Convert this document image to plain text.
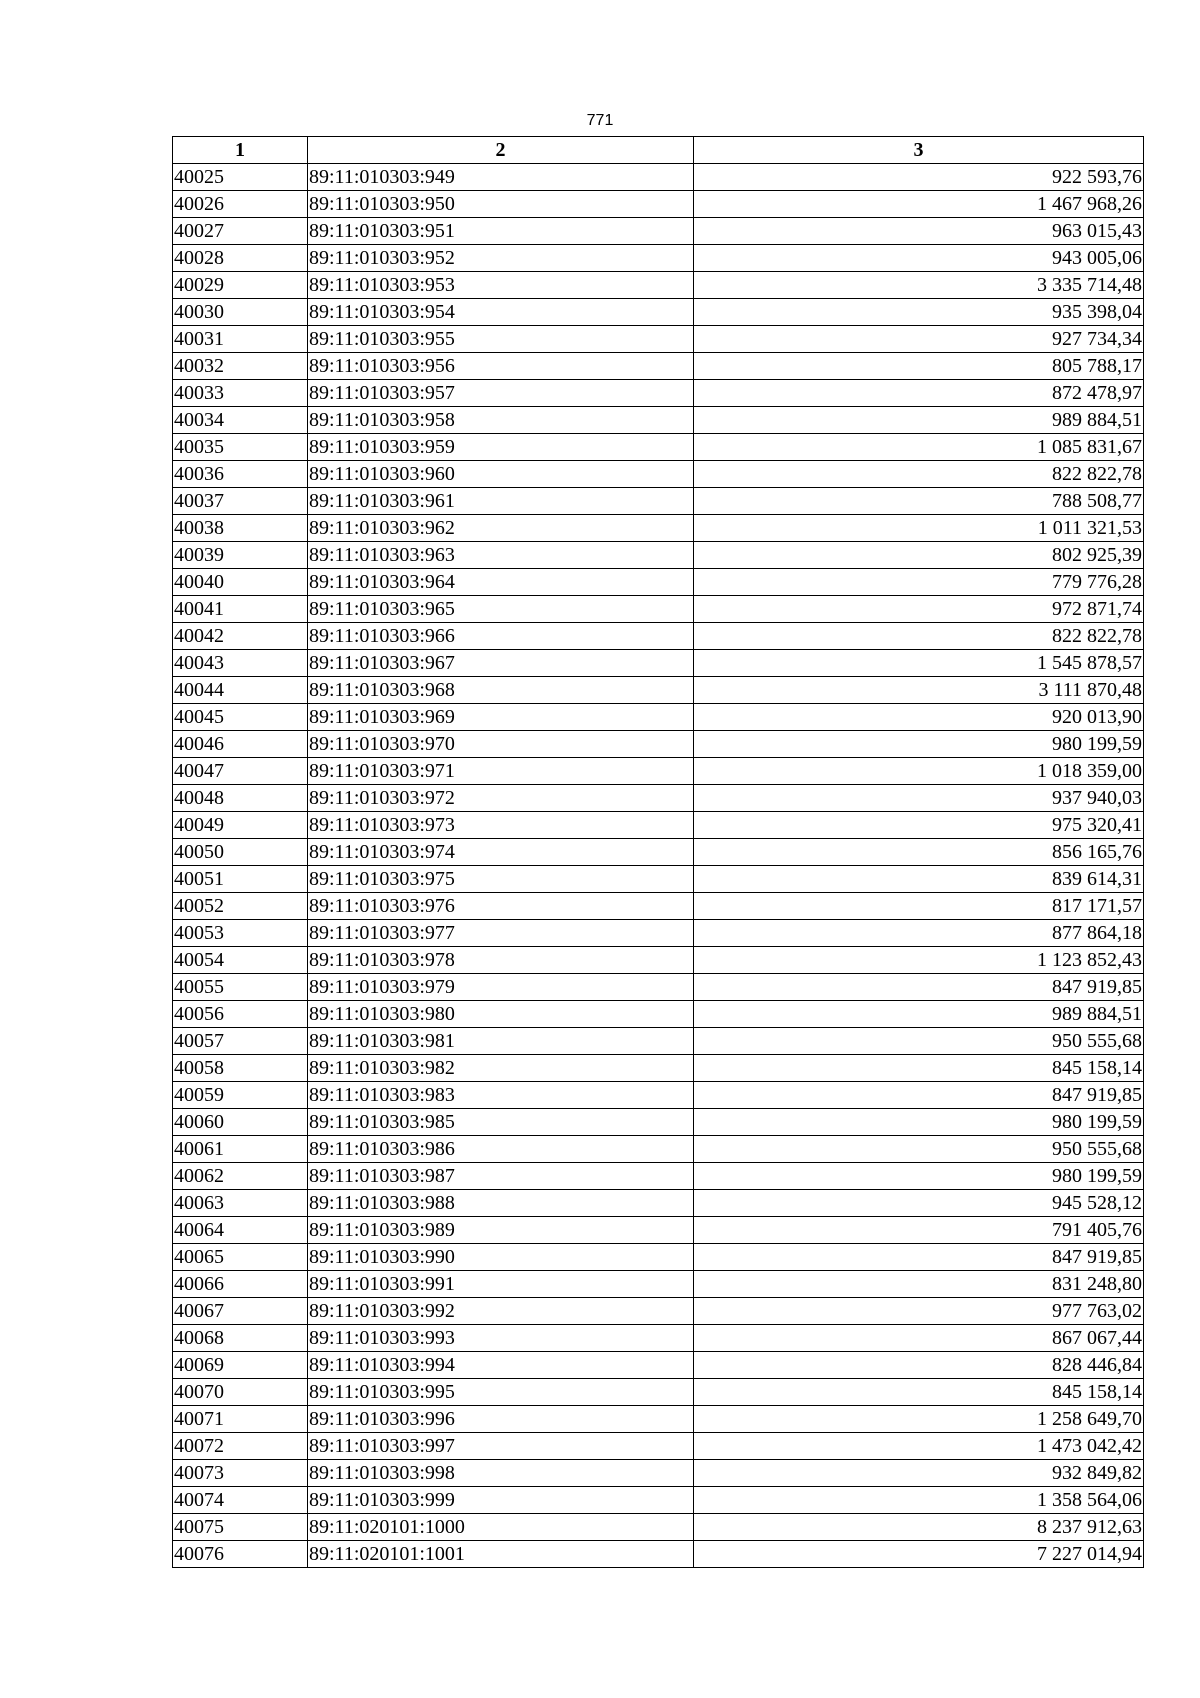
771
1	2	3
40025	89:11:010303:949	922 593,76
40026	89:11:010303:950	1 467 968,26
40027	89:11:010303:951	963 015,43
40028	89:11:010303:952	943 005,06
40029	89:11:010303:953	3 335 714,48
40030	89:11:010303:954	935 398,04
40031	89:11:010303:955	927 734,34
40032	89:11:010303:956	805 788,17
40033	89:11:010303:957	872 478,97
40034	89:11:010303:958	989 884,51
40035	89:11:010303:959	1 085 831,67
40036	89:11:010303:960	822 822,78
40037	89:11:010303:961	788 508,77
40038	89:11:010303:962	1 011 321,53
40039	89:11:010303:963	802 925,39
40040	89:11:010303:964	779 776,28
40041	89:11:010303:965	972 871,74
40042	89:11:010303:966	822 822,78
40043	89:11:010303:967	1 545 878,57
40044	89:11:010303:968	3 111 870,48
40045	89:11:010303:969	920 013,90
40046	89:11:010303:970	980 199,59
40047	89:11:010303:971	1 018 359,00
40048	89:11:010303:972	937 940,03
40049	89:11:010303:973	975 320,41
40050	89:11:010303:974	856 165,76
40051	89:11:010303:975	839 614,31
40052	89:11:010303:976	817 171,57
40053	89:11:010303:977	877 864,18
40054	89:11:010303:978	1 123 852,43
40055	89:11:010303:979	847 919,85
40056	89:11:010303:980	989 884,51
40057	89:11:010303:981	950 555,68
40058	89:11:010303:982	845 158,14
40059	89:11:010303:983	847 919,85
40060	89:11:010303:985	980 199,59
40061	89:11:010303:986	950 555,68
40062	89:11:010303:987	980 199,59
40063	89:11:010303:988	945 528,12
40064	89:11:010303:989	791 405,76
40065	89:11:010303:990	847 919,85
40066	89:11:010303:991	831 248,80
40067	89:11:010303:992	977 763,02
40068	89:11:010303:993	867 067,44
40069	89:11:010303:994	828 446,84
40070	89:11:010303:995	845 158,14
40071	89:11:010303:996	1 258 649,70
40072	89:11:010303:997	1 473 042,42
40073	89:11:010303:998	932 849,82
40074	89:11:010303:999	1 358 564,06
40075	89:11:020101:1000	8 237 912,63
40076	89:11:020101:1001	7 227 014,94
